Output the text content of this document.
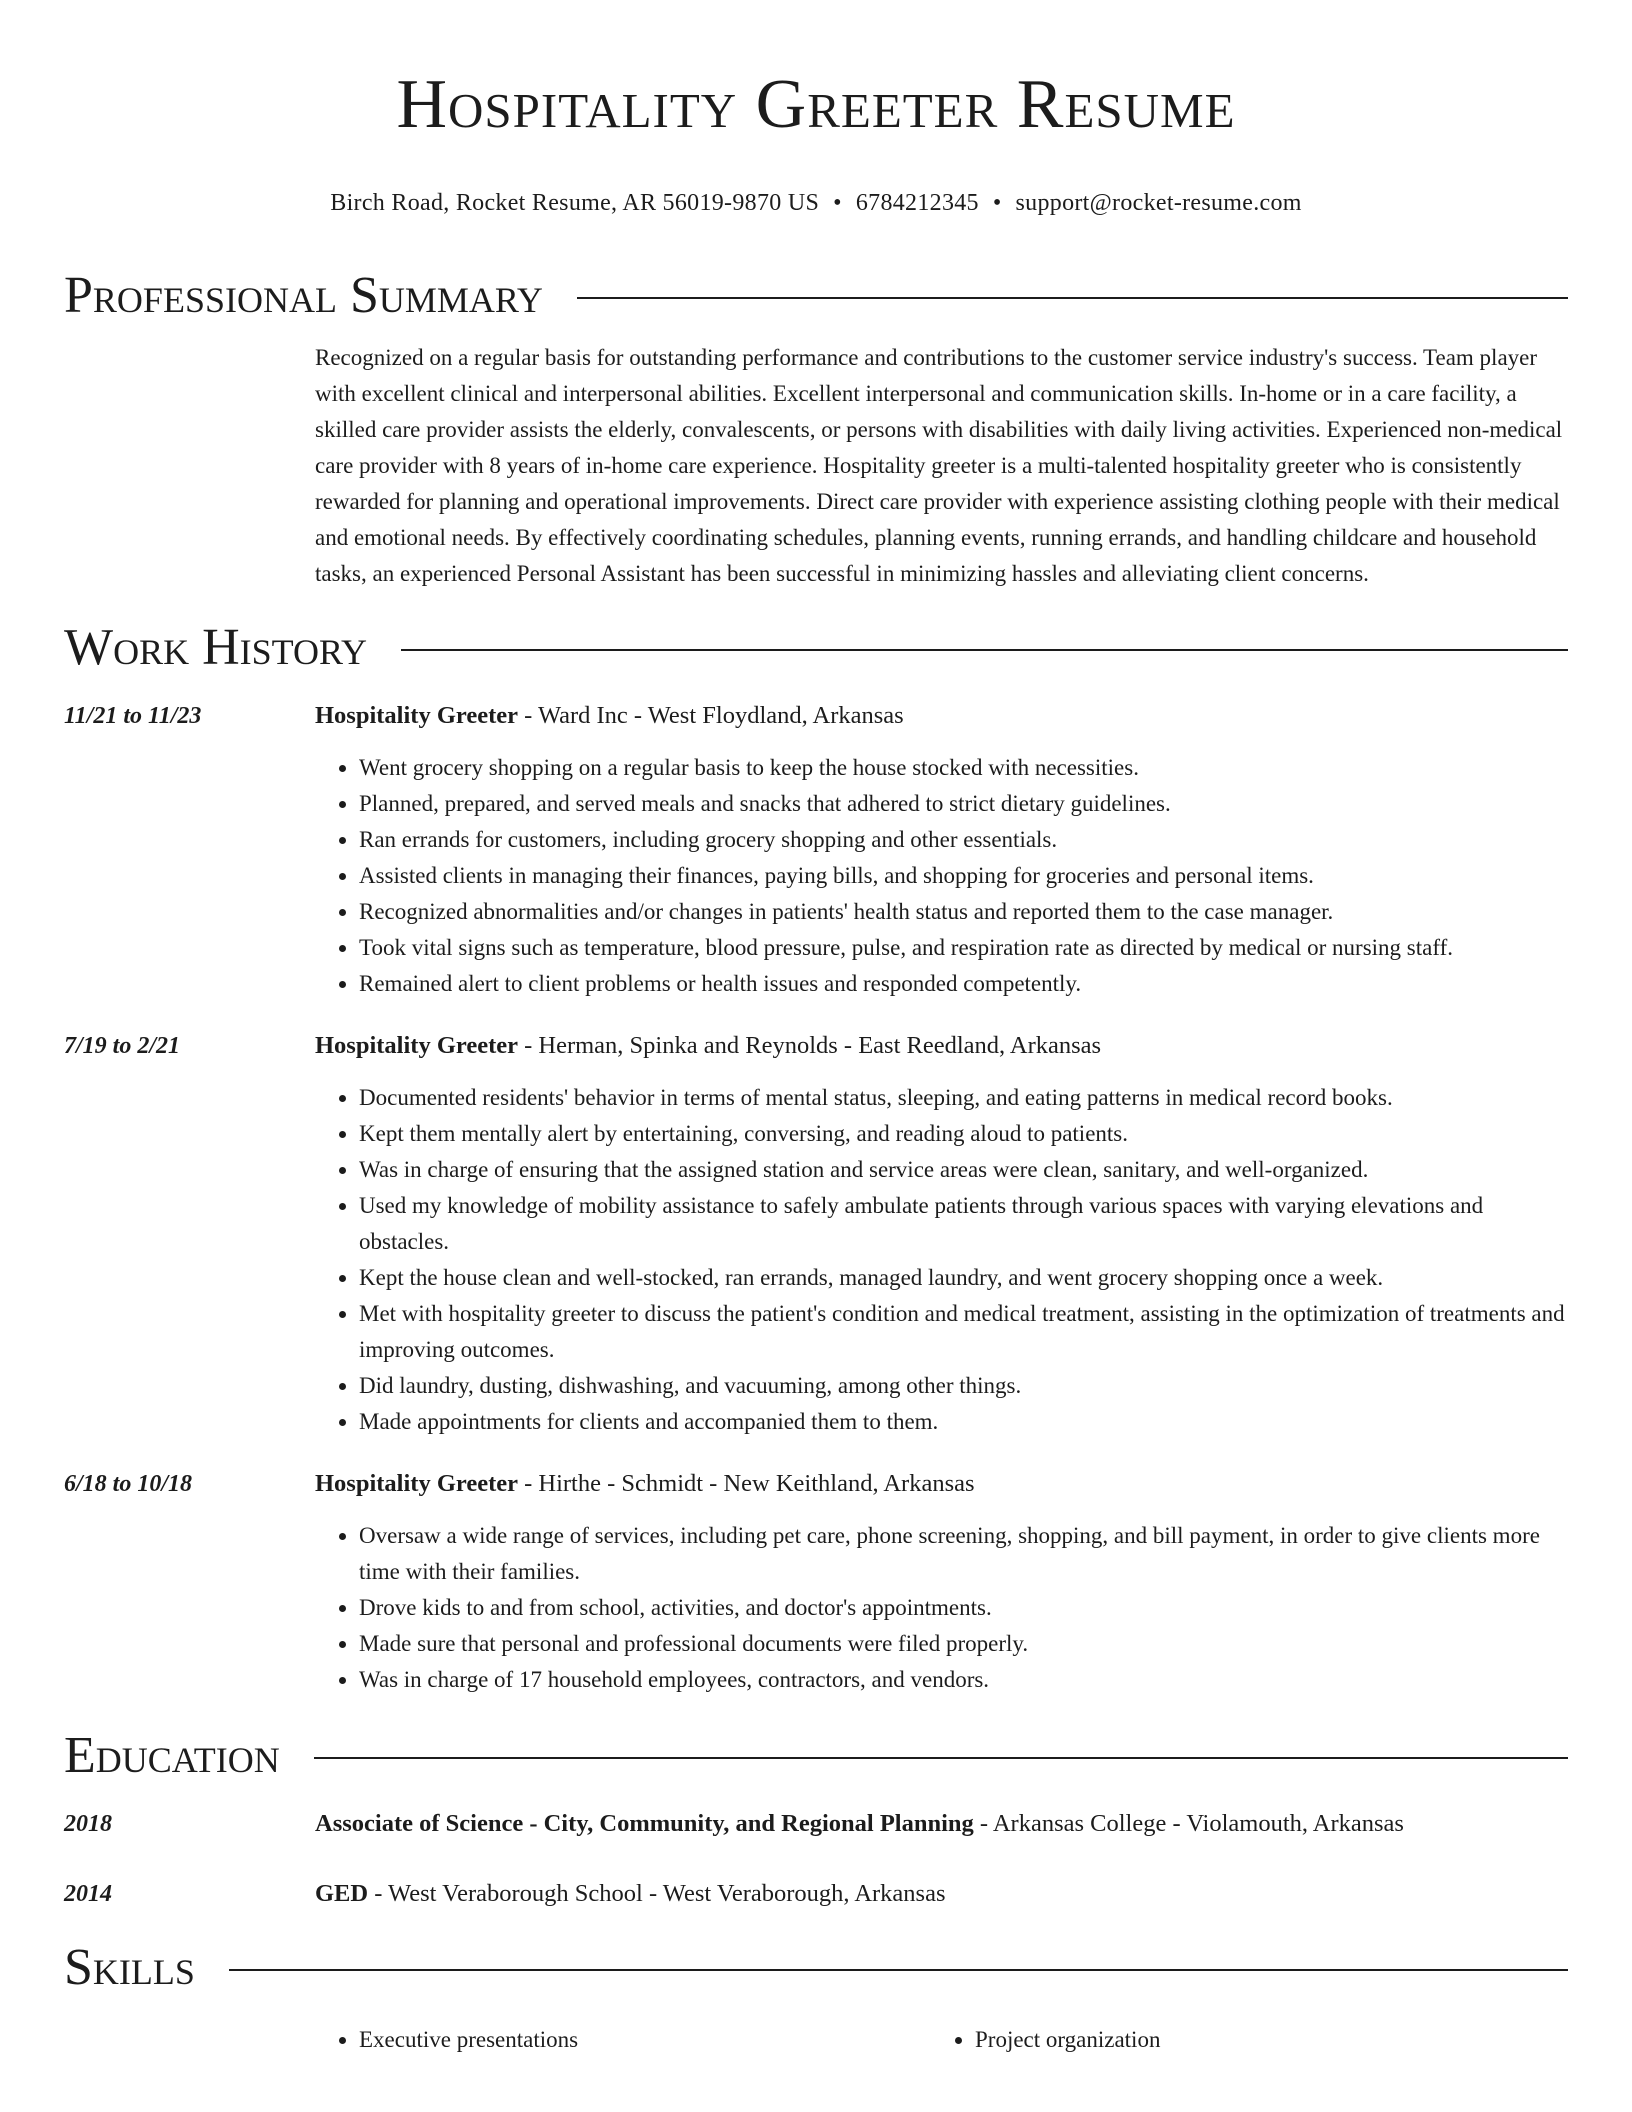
Hospitality Greeter Resume
Birch Road, Rocket Resume, AR 56019-9870 US • 6784212345 • support@rocket-resume.com
Professional Summary
Recognized on a regular basis for outstanding performance and contributions to the customer service industry's success. Team player with excellent clinical and interpersonal abilities. Excellent interpersonal and communication skills. In-home or in a care facility, a skilled care provider assists the elderly, convalescents, or persons with disabilities with daily living activities. Experienced non-medical care provider with 8 years of in-home care experience. Hospitality greeter is a multi-talented hospitality greeter who is consistently rewarded for planning and operational improvements. Direct care provider with experience assisting clothing people with their medical and emotional needs. By effectively coordinating schedules, planning events, running errands, and handling childcare and household tasks, an experienced Personal Assistant has been successful in minimizing hassles and alleviating client concerns.
Work History
11/21 to 11/23	Hospitality Greeter - Ward Inc - West Floydland, Arkansas
• Went grocery shopping on a regular basis to keep the house stocked with necessities.
• Planned, prepared, and served meals and snacks that adhered to strict dietary guidelines.
• Ran errands for customers, including grocery shopping and other essentials.
• Assisted clients in managing their finances, paying bills, and shopping for groceries and personal items.
• Recognized abnormalities and/or changes in patients' health status and reported them to the case manager.
• Took vital signs such as temperature, blood pressure, pulse, and respiration rate as directed by medical or nursing staff.
• Remained alert to client problems or health issues and responded competently.
7/19 to 2/21	Hospitality Greeter - Herman, Spinka and Reynolds - East Reedland, Arkansas
• Documented residents' behavior in terms of mental status, sleeping, and eating patterns in medical record books.
• Kept them mentally alert by entertaining, conversing, and reading aloud to patients.
• Was in charge of ensuring that the assigned station and service areas were clean, sanitary, and well-organized.
• Used my knowledge of mobility assistance to safely ambulate patients through various spaces with varying elevations and obstacles.
• Kept the house clean and well-stocked, ran errands, managed laundry, and went grocery shopping once a week.
• Met with hospitality greeter to discuss the patient's condition and medical treatment, assisting in the optimization of treatments and improving outcomes.
• Did laundry, dusting, dishwashing, and vacuuming, among other things.
• Made appointments for clients and accompanied them to them.
6/18 to 10/18	Hospitality Greeter - Hirthe - Schmidt - New Keithland, Arkansas
• Oversaw a wide range of services, including pet care, phone screening, shopping, and bill payment, in order to give clients more time with their families.
• Drove kids to and from school, activities, and doctor's appointments.
• Made sure that personal and professional documents were filed properly.
• Was in charge of 17 household employees, contractors, and vendors.
Education
2018	Associate of Science - City, Community, and Regional Planning - Arkansas College - Violamouth, Arkansas
2014	GED - West Veraborough School - West Veraborough, Arkansas
Skills
• Executive presentations
•	Project organization
